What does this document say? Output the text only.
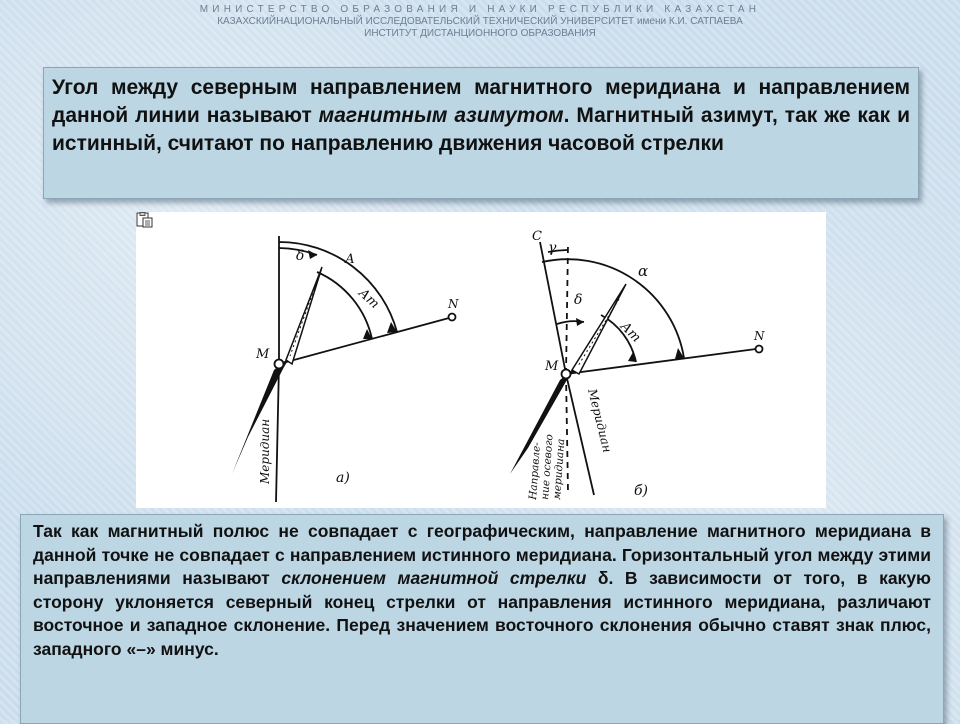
МИНИСТЕРСТВО ОБРАЗОВАНИЯ И НАУКИ РЕСПУБЛИКИ КАЗАХСТАН
КАЗАХСКИЙНАЦИОНАЛЬНЫЙ ИССЛЕДОВАТЕЛЬСКИЙ ТЕХНИЧЕСКИЙ УНИВЕРСИТЕТ имени К.И. САТПАЕВА
ИНСТИТУТ ДИСТАНЦИОННОГО ОБРАЗОВАНИЯ
Угол между северным направлением магнитного меридиана и направлением данной линии называют магнитным азимутом. Магнитный азимут, так же как и истинный, считают по направлению движения часовой стрелки
М
N
δ	А
Ат
Меридиан	а)
С
γ
δ
α
Ат
М
N
Меридиан
Направле-
ние осевого
меридиана	б)
Так как магнитный полюс не совпадает с географическим, направление магнитного меридиана в данной точке не совпадает с направлением истинного меридиана. Горизонтальный угол между этими направлениями называют склонением магнитной стрелки δ. В зависимости от того, в какую сторону уклоняется северный конец стрелки от направления истинного меридиана, различают восточное и западное склонение. Перед значением восточного склонения обычно ставят знак плюс, западного «–» минус.
